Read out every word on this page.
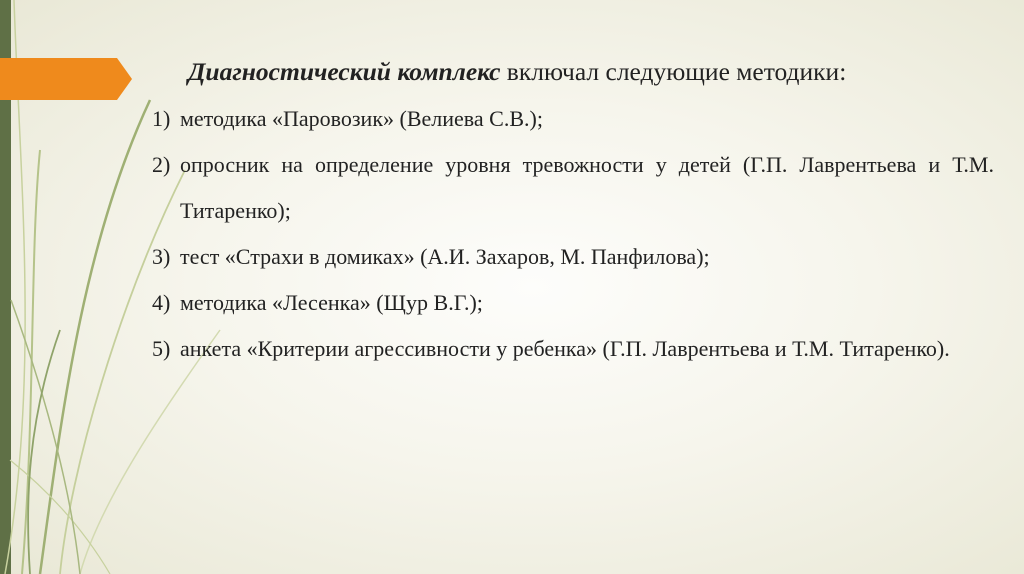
Диагностический комплекс включал следующие методики:
1) методика «Паровозик» (Велиева С.В.);
2) опросник на определение уровня тревожности у детей (Г.П. Лаврентьева и Т.М. Титаренко);
3) тест «Страхи в домиках» (А.И. Захаров, М. Панфилова);
4) методика «Лесенка» (Щур В.Г.);
5) анкета «Критерии агрессивности у ребенка» (Г.П. Лаврентьева и Т.М. Титаренко).
